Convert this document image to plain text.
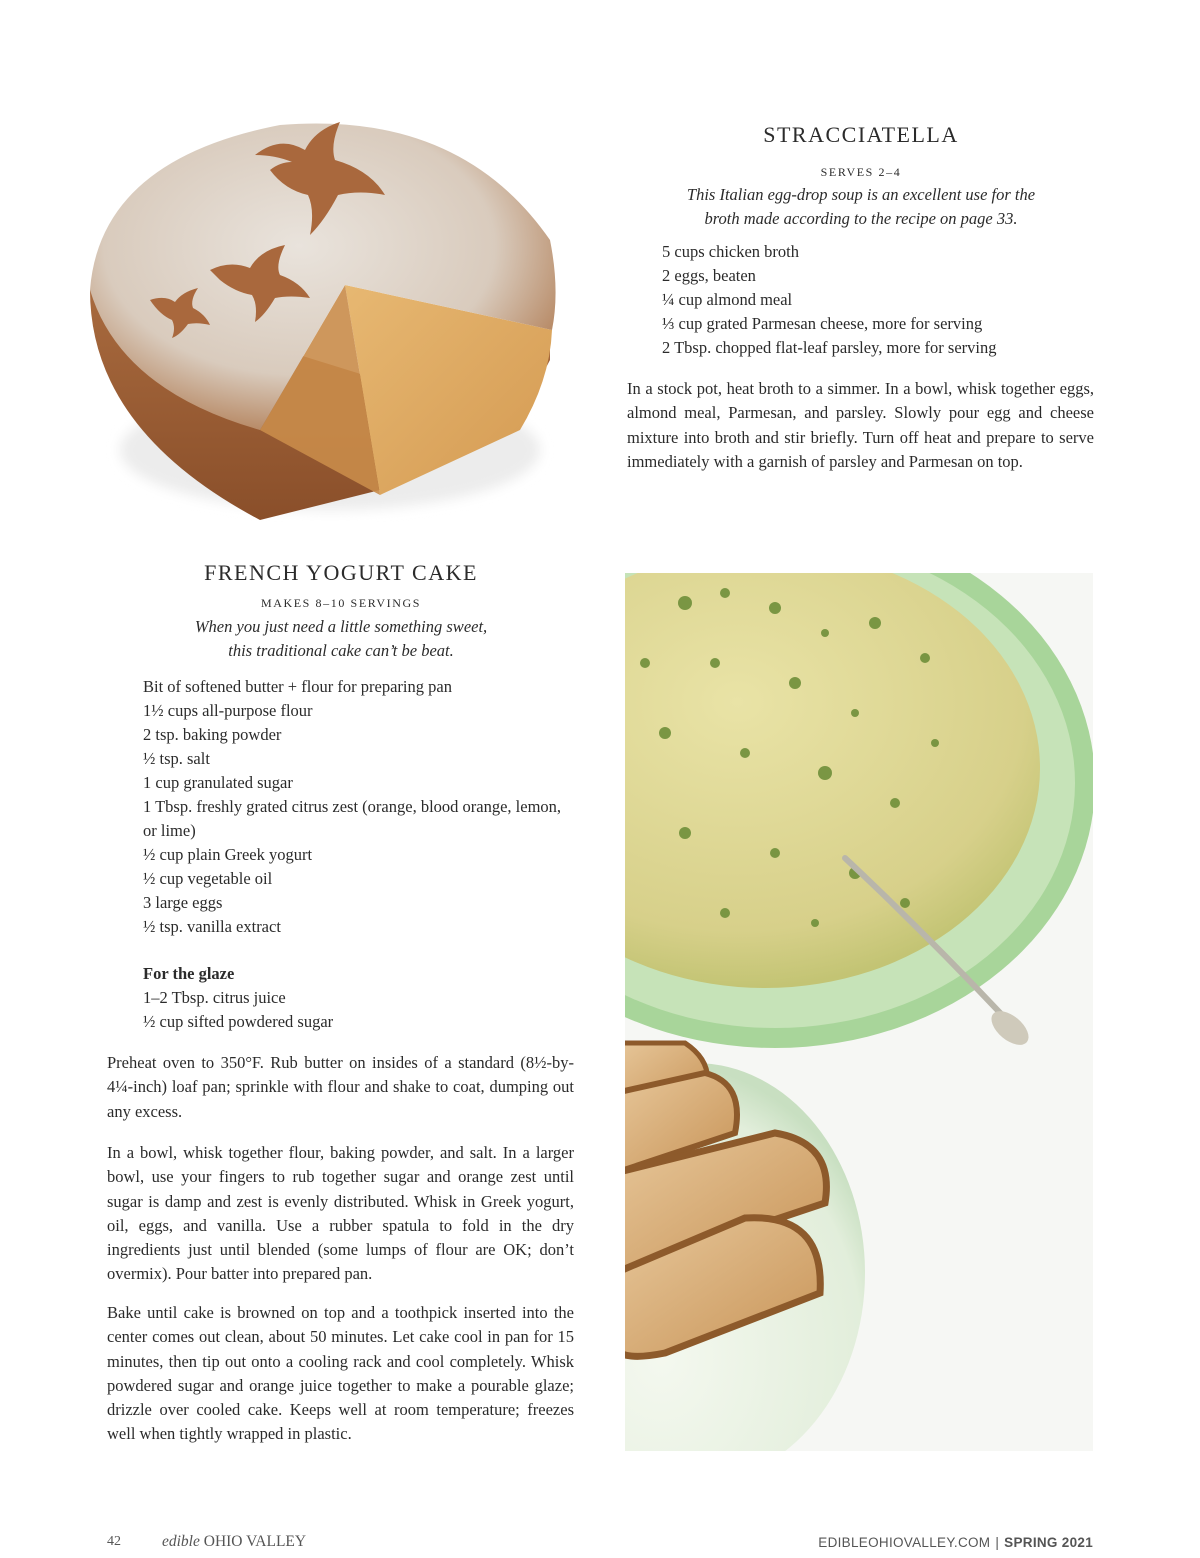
STRACCIATELLA

SERVES 2–4

This Italian egg-drop soup is an excellent use for the
broth made according to the recipe on page 33.
5 cups chicken broth
2 eggs, beaten
¼ cup almond meal
⅓ cup grated Parmesan cheese, more for serving
2 Tbsp. chopped flat-leaf parsley, more for serving

In a stock pot, heat broth to a simmer. In a bowl, whisk together eggs, almond meal, Parmesan, and parsley. Slowly pour egg and cheese mixture into broth and stir briefly. Turn off heat and prepare to serve immediately with a garnish of parsley and Parmesan on top.

FRENCH YOGURT CAKE

MAKES 8–10 SERVINGS

When you just need a little something sweet,
this traditional cake can’t be beat.
Bit of softened butter + flour for preparing pan
1½ cups all-purpose flour
2 tsp. baking powder
½ tsp. salt
1 cup granulated sugar
1 Tbsp. freshly grated citrus zest (orange, blood orange, lemon, or lime)
½ cup plain Greek yogurt
½ cup vegetable oil
3 large eggs
½ tsp. vanilla extract
For the glaze
1–2 Tbsp. citrus juice
½ cup sifted powdered sugar

Preheat oven to 350°F. Rub butter on insides of a standard (8½-by-4¼-inch) loaf pan; sprinkle with flour and shake to coat, dumping out any excess.

In a bowl, whisk together flour, baking powder, and salt. In a larger bowl, use your fingers to rub together sugar and orange zest until sugar is damp and zest is evenly distributed. Whisk in Greek yogurt, oil, eggs, and vanilla. Use a rubber spatula to fold in the dry ingredients just until blended (some lumps of flour are OK; don’t overmix). Pour batter into prepared pan.

Bake until cake is browned on top and a toothpick inserted into the center comes out clean, about 50 minutes. Let cake cool in pan for 15 minutes, then tip out onto a cooling rack and cool completely. Whisk powdered sugar and orange juice together to make a pourable glaze; drizzle over cooled cake. Keeps well at room temperature; freezes well when tightly wrapped in plastic.

42	edible OHIO VALLEY	EDIBLEOHIOVALLEY.COM | SPRING 2021
